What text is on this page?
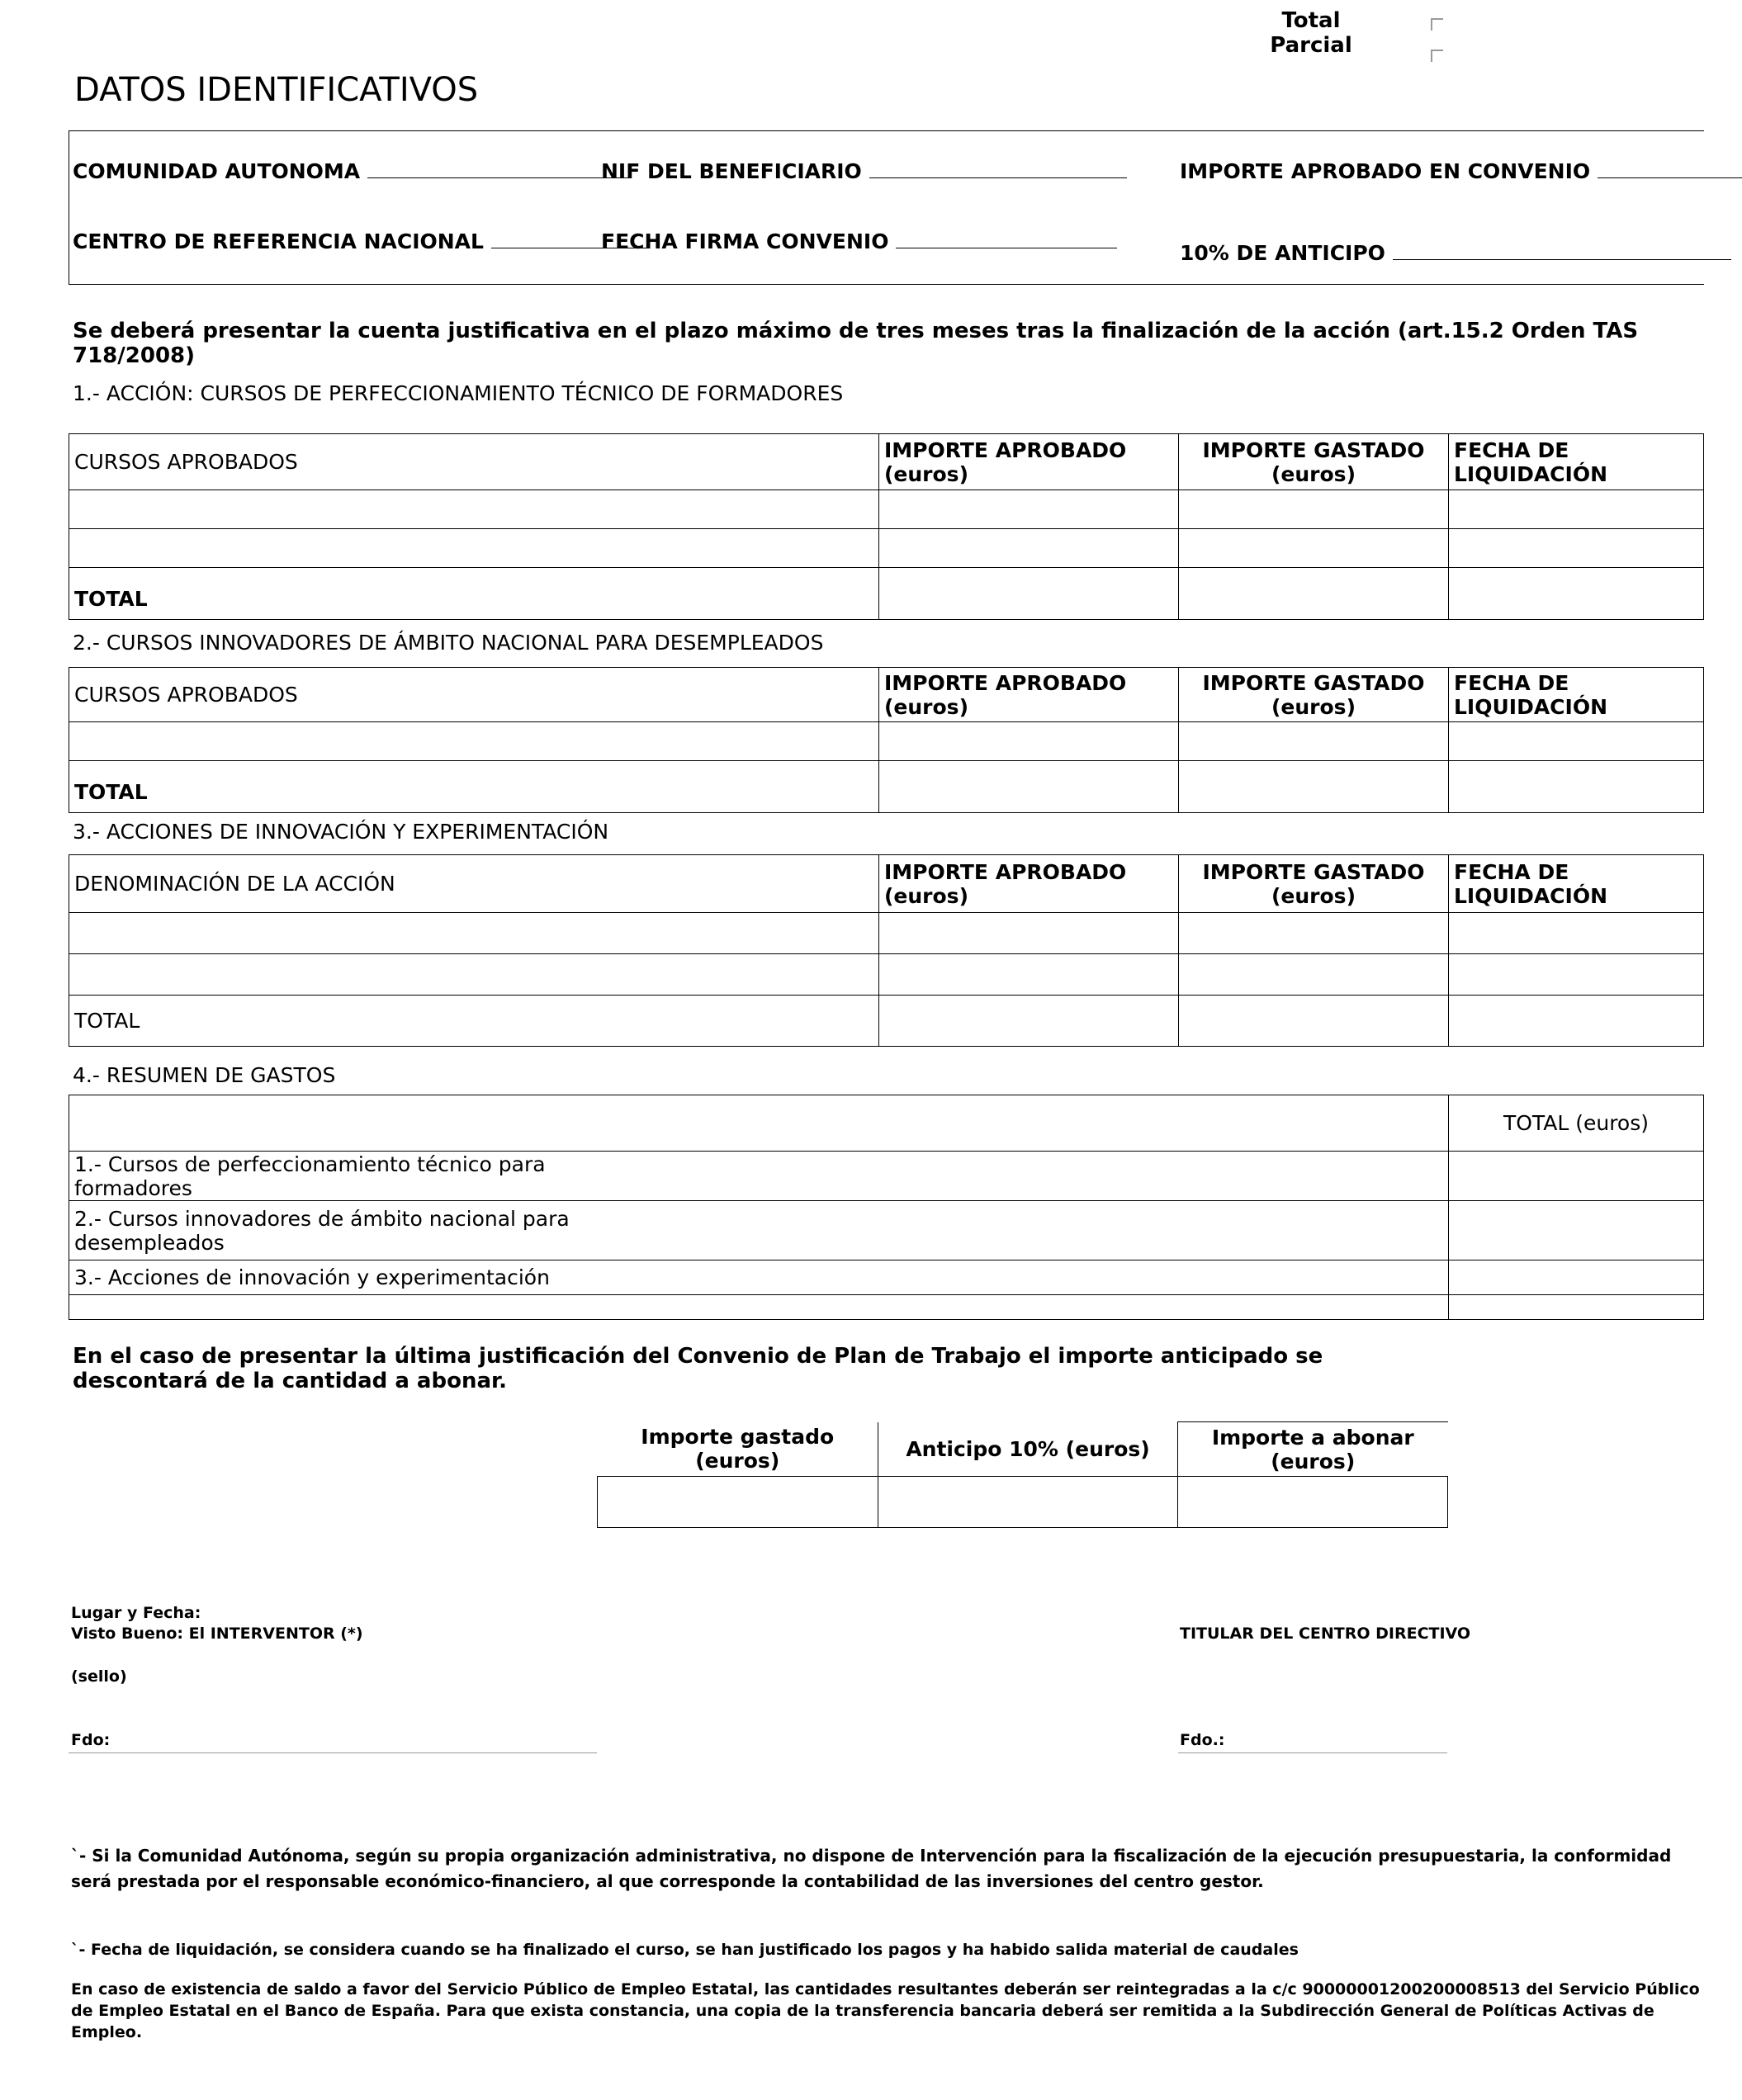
Total
Parcial
DATOS IDENTIFICATIVOS
COMUNIDAD AUTONOMA	NIF DEL BENEFICIARIO	IMPORTE APROBADO EN CONVENIO
CENTRO DE REFERENCIA NACIONAL	FECHA FIRMA CONVENIO	10% DE ANTICIPO
Se deberá presentar la cuenta justificativa en el plazo máximo de tres meses tras la finalización de la acción (art.15.2 Orden TAS 718/2008)
1.- ACCIÓN: CURSOS DE PERFECCIONAMIENTO TÉCNICO DE FORMADORES
CURSOS APROBADOS	IMPORTE APROBADO (euros)	IMPORTE GASTADO (euros)	FECHA DE LIQUIDACIÓN

TOTAL			
2.- CURSOS INNOVADORES DE ÁMBITO NACIONAL PARA DESEMPLEADOS
CURSOS APROBADOS	IMPORTE APROBADO (euros)	IMPORTE GASTADO (euros)	FECHA DE LIQUIDACIÓN

TOTAL			
3.- ACCIONES DE INNOVACIÓN Y EXPERIMENTACIÓN
DENOMINACIÓN DE LA ACCIÓN	IMPORTE APROBADO (euros)	IMPORTE GASTADO (euros)	FECHA DE LIQUIDACIÓN

TOTAL			
4.- RESUMEN DE GASTOS
	TOTAL (euros)

1.- Cursos de perfeccionamiento técnico para formadores	

2.- Cursos innovadores de ámbito nacional para desempleados	

3.- Acciones de innovación y experimentación	

En el caso de presentar la última justificación del Convenio de Plan de Trabajo el importe anticipado se descontará de la cantidad a abonar.
Importe gastado (euros)	Anticipo 10% (euros)	Importe a abonar (euros)

Lugar y Fecha:
Visto Bueno: El INTERVENTOR (*)
(sello)
Fdo:
TITULAR DEL CENTRO DIRECTIVO
Fdo.:
`- Si la Comunidad Autónoma, según su propia organización administrativa, no dispone de Intervención para la fiscalización de la ejecución presupuestaria, la conformidad será prestada por el responsable económico-financiero, al que corresponde la contabilidad de las inversiones del centro gestor.
`- Fecha de liquidación, se considera cuando se ha finalizado el curso, se han justificado los pagos y ha habido salida material de caudales
En caso de existencia de saldo a favor del Servicio Público de Empleo Estatal, las cantidades resultantes deberán ser reintegradas a la c/c 9000000120020000851​3 del Servicio Público de Empleo Estatal en el Banco de España. Para que exista constancia, una copia de la transferencia bancaria deberá ser remitida a la Subdirección General de Políticas Activas de Empleo.
